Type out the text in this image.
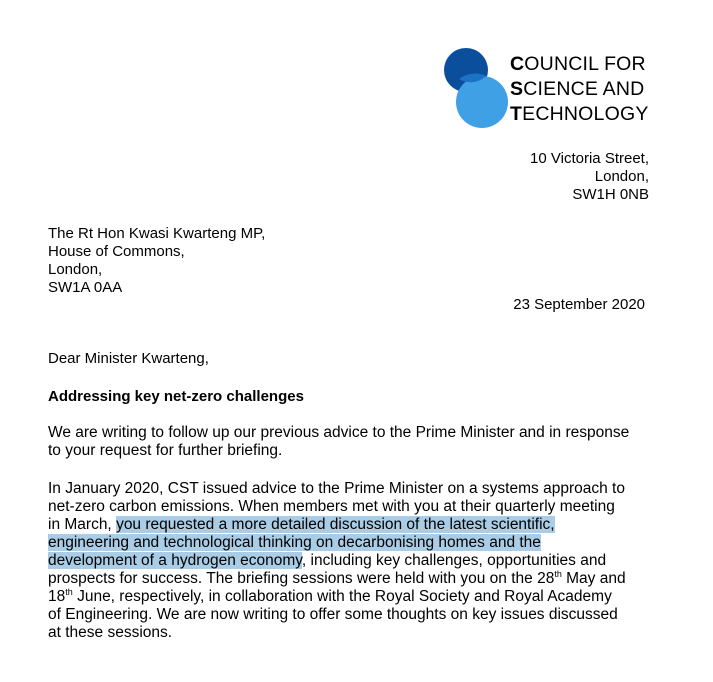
COUNCIL FOR
SCIENCE AND
TECHNOLOGY
10 Victoria Street,
London,
SW1H 0NB
The Rt Hon Kwasi Kwarteng MP,
House of Commons,
London,
SW1A 0AA
23 September 2020
Dear Minister Kwarteng,
Addressing key net-zero challenges
We are writing to follow up our previous advice to the Prime Minister and in response
to your request for further briefing.
In January 2020, CST issued advice to the Prime Minister on a systems approach to
net-zero carbon emissions. When members met with you at their quarterly meeting
in March, you requested a more detailed discussion of the latest scientific,
engineering and technological thinking on decarbonising homes and the
development of a hydrogen economy, including key challenges, opportunities and
prospects for success. The briefing sessions were held with you on the 28th May and
18th June, respectively, in collaboration with the Royal Society and Royal Academy
of Engineering. We are now writing to offer some thoughts on key issues discussed
at these sessions.
